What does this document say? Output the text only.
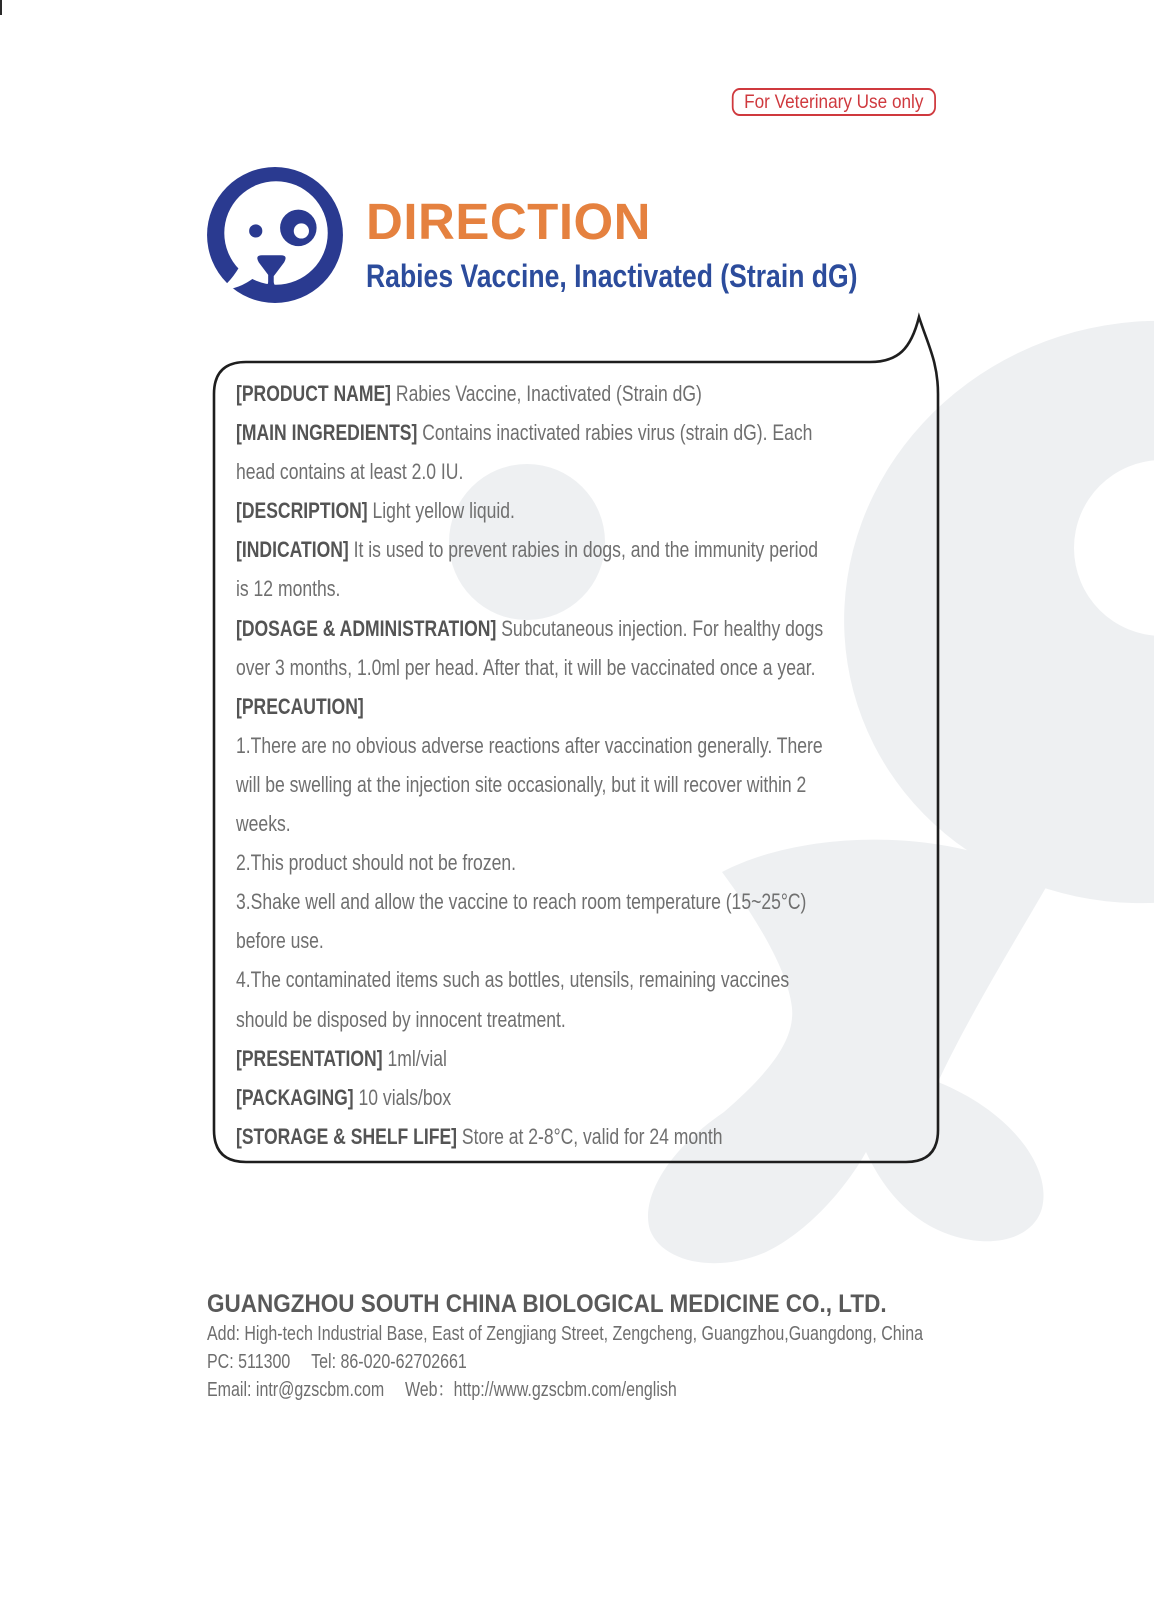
For Veterinary Use only
DIRECTION
Rabies Vaccine, Inactivated (Strain dG)
[PRODUCT NAME] Rabies Vaccine, Inactivated (Strain dG)
[MAIN INGREDIENTS] Contains inactivated rabies virus (strain dG). Each
head contains at least 2.0 IU.
[DESCRIPTION] Light yellow liquid.
[INDICATION] It is used to prevent rabies in dogs, and the immunity period
is 12 months.
[DOSAGE & ADMINISTRATION] Subcutaneous injection. For healthy dogs
over 3 months, 1.0ml per head. After that, it will be vaccinated once a year.
[PRECAUTION]
1.There are no obvious adverse reactions after vaccination generally. There
will be swelling at the injection site occasionally, but it will recover within 2
weeks.
2.This product should not be frozen.
3.Shake well and allow the vaccine to reach room temperature (15~25°C)
before use.
4.The contaminated items such as bottles, utensils, remaining vaccines
should be disposed by innocent treatment.
[PRESENTATION] 1ml/vial
[PACKAGING] 10 vials/box
[STORAGE & SHELF LIFE] Store at 2-8°C, valid for 24 month
GUANGZHOU SOUTH CHINA BIOLOGICAL MEDICINE CO., LTD.
Add: High-tech Industrial Base, East of Zengjiang Street, Zengcheng, Guangzhou,Guangdong, China
PC: 511300 Tel: 86-020-62702661
Email: intr@gzscbm.com Web：http://www.gzscbm.com/english
